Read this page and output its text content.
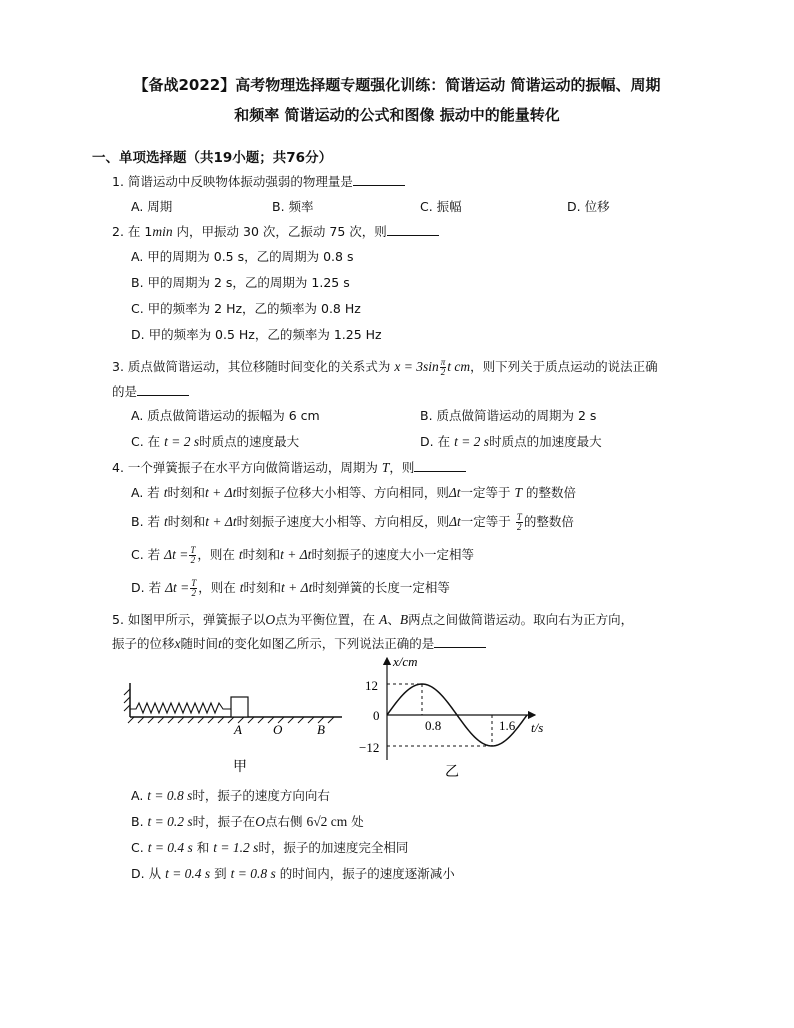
【备战2022】高考物理选择题专题强化训练：简谐运动 简谐运动的振幅、周期
和频率 简谐运动的公式和图像 振动中的能量转化
一、单项选择题（共19小题；共76分）
1. 简谐运动中反映物体振动强弱的物理量是
A. 周期	B. 频率	C. 振幅	D. 位移
2. 在 1min 内，甲振动 30 次，乙振动 75 次，则
A. 甲的周期为 0.5 s，乙的周期为 0.8 s
B. 甲的周期为 2 s，乙的周期为 1.25 s
C. 甲的频率为 2 Hz，乙的频率为 0.8 Hz
D. 甲的频率为 0.5 Hz，乙的频率为 1.25 Hz
3. 质点做简谐运动，其位移随时间变化的关系式为 $x = 3\sin \frac{\pi}{2}$ t cm，则下列关于质点运动的说法正确
的是
A. 质点做简谐运动的振幅为 6 cm	B. 质点做简谐运动的周期为 2 s
C. 在 t = 2 s时质点的速度最大	D. 在 t = 2 s时质点的加速度最大
4. 一个弹簧振子在水平方向做简谐运动，周期为 T，则
A. 若 t时刻和t + Δt时刻振子位移大小相等、方向相同，则Δt一定等于 T 的整数倍
B. 若 t时刻和t + Δt时刻振子速度大小相等、方向相反，则Δt一定等于 $\frac{T}{2}$ 的整数倍
C. 若 $\Delta t = \frac{T}{2}$ ，则在 t时刻和t + Δt时刻振子的速度大小一定相等
D. 若 $\Delta t = \frac{T}{2}$ ，则在 t时刻和t + Δt时刻弹簧的长度一定相等
5. 如图甲所示，弹簧振子以O点为平衡位置，在 A、B两点之间做简谐运动。取向右为正方向，
振子的位移x随时间t的变化如图乙所示，下列说法正确的是
A O	B
甲
x/cm
t/s
12
−12
0
0.8	1.6
乙
A. t = 0.8 s时，振子的速度方向向右
B. t = 0.2 s时，振子在O点右侧 6√2 cm 处
C. t = 0.4 s 和 t = 1.2 s时，振子的加速度完全相同
D. 从 t = 0.4 s 到 t = 0.8 s 的时间内，振子的速度逐渐减小
